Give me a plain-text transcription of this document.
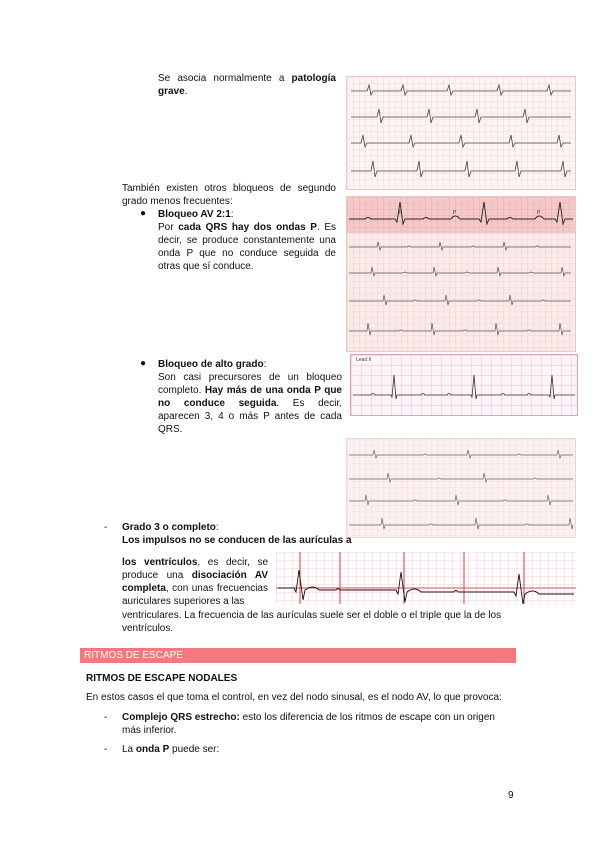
Se asocia normalmente a patología grave.
También existen otros bloqueos de segundo grado menos frecuentes:
● Bloqueo AV 2:1:
Por cada QRS hay dos ondas P. Es decir, se produce constantemente una onda P que no conduce seguida de otras que sí conduce.
P	P	P
● Bloqueo de alto grado:
Son casi precursores de un bloqueo completo. Hay más de una onda P que no conduce seguida. Es decir, aparecen 3, 4 o más P antes de cada QRS.
Lead II
- Grado 3 o completo:
Los impulsos no se conducen de las aurículas a
los ventrículos, es decir, se produce una disociación AV completa, con unas frecuencias auriculares superiores a las
ventriculares. La frecuencia de las aurículas suele ser el doble o el triple que la de los ventrículos.
RITMOS DE ESCAPE
RITMOS DE ESCAPE NODALES
En estos casos el que toma el control, en vez del nodo sinusal, es el nodo AV, lo que provoca:
- Complejo QRS estrecho: esto los diferencia de los ritmos de escape con un origen más inferior.
- La onda P puede ser:
9
